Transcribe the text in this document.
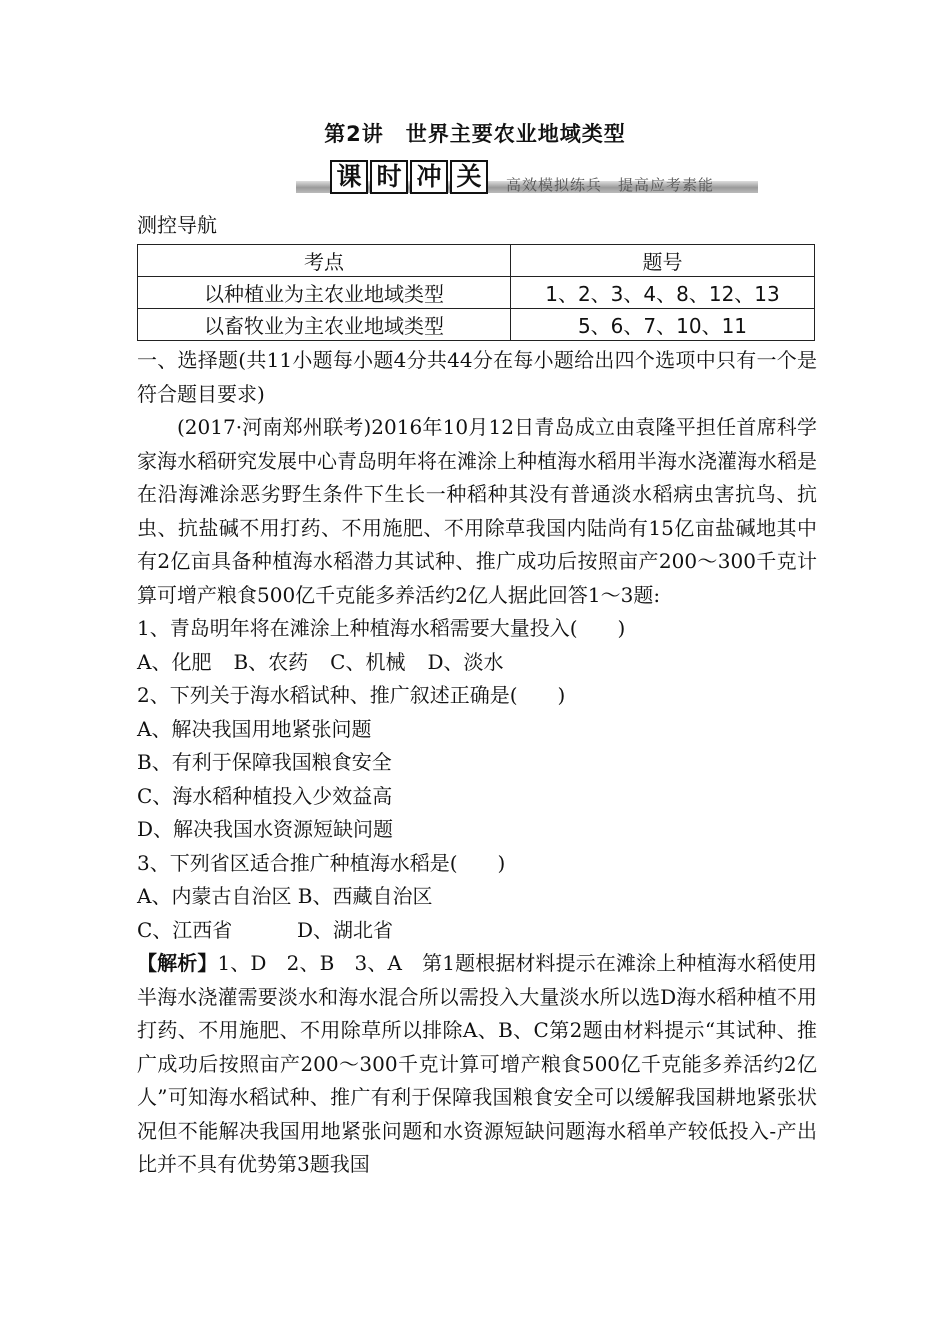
第2讲　世界主要农业地域类型
课 时 冲 关	高效模拟练兵　提高应考素能
测控导航
考点	题号
以种植业为主农业地域类型	1、2、3、4、8、12、13
以畜牧业为主农业地域类型	5、6、7、10、11

一、选择题(共11小题每小题4分共44分在每小题给出四个选项中只有一个是符合题目要求)

(2017·河南郑州联考)2016年10月12日青岛成立由袁隆平担任首席科学家海水稻研究发展中心青岛明年将在滩涂上种植海水稻用半海水浇灌海水稻是在沿海滩涂恶劣野生条件下生长一种稻种其没有普通淡水稻病虫害抗鸟、抗虫、抗盐碱不用打药、不用施肥、不用除草我国内陆尚有15亿亩盐碱地其中有2亿亩具备种植海水稻潜力其试种、推广成功后按照亩产200～300千克计算可增产粮食500亿千克能多养活约2亿人据此回答1～3题:

1、青岛明年将在滩涂上种植海水稻需要大量投入(　　)

A、化肥 B、农药 C、机械 D、淡水

2、下列关于海水稻试种、推广叙述正确是(　　)

A、解决我国用地紧张问题

B、有利于保障我国粮食安全

C、海水稻种植投入少效益高

D、解决我国水资源短缺问题

3、下列省区适合推广种植海水稻是(　　)

A、内蒙古自治区 B、西藏自治区

C、江西省	D、湖北省

【解析】1、D　2、B　3、A　第1题根据材料提示在滩涂上种植海水稻使用半海水浇灌需要淡水和海水混合所以需投入大量淡水所以选D海水稻种植不用打药、不用施肥、不用除草所以排除A、B、C第2题由材料提示“其试种、推广成功后按照亩产200～300千克计算可增产粮食500亿千克能多养活约2亿人”可知海水稻试种、推广有利于保障我国粮食安全可以缓解我国耕地紧张状况但不能解决我国用地紧张问题和水资源短缺问题海水稻单产较低投入-产出比并不具有优势第3题我国
